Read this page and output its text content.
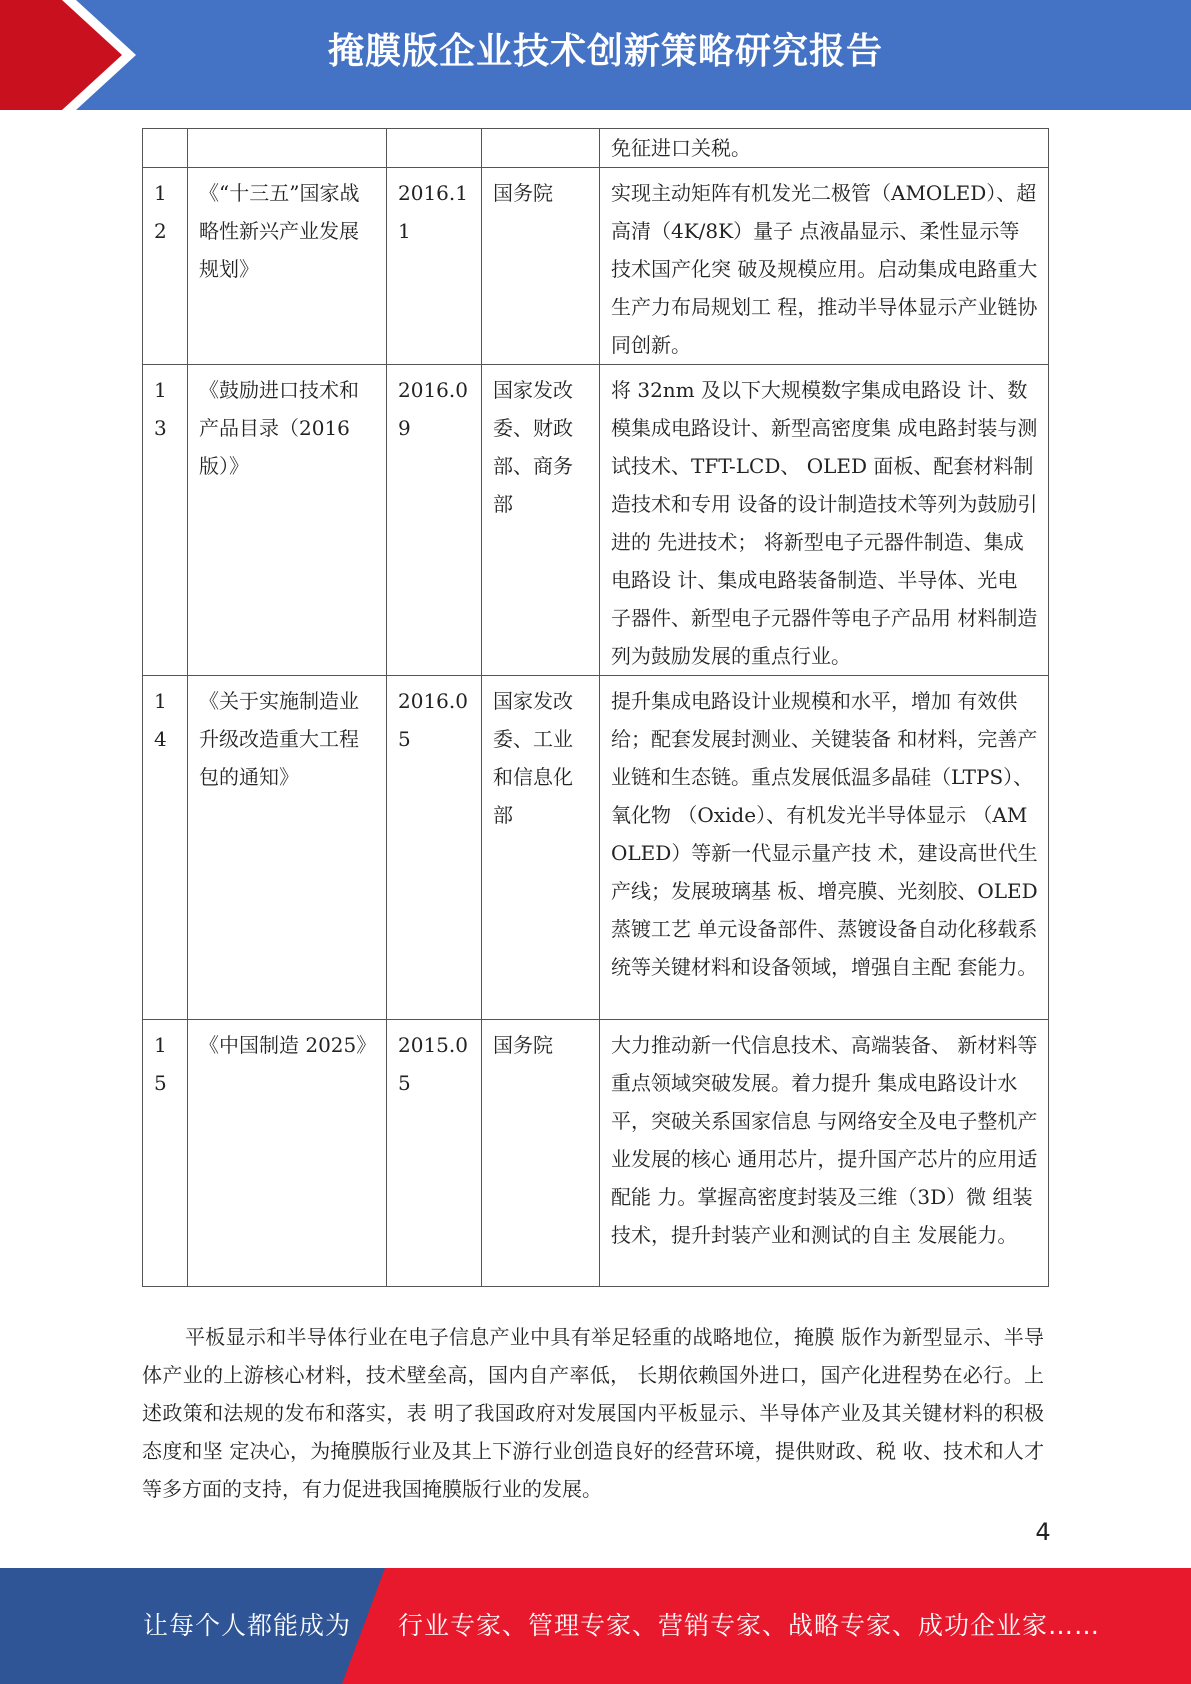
掩膜版企业技术创新策略研究报告
				免征进口关税。
12	《“十三五”国家战略性新兴产业发展规划》	2016.11	国务院	实现主动矩阵有机发光二极管（AMOLED）、超高清（4K/8K）量子 点液晶显示、柔性显示等技术国产化突 破及规模应用。启动集成电路重大生产力布局规划工 程，推动半导体显示产业链协同创新。
13	《鼓励进口技术和产品目录（2016版）》	2016.09	国家发改委、财政部、商务部	将 32nm 及以下大规模数字集成电路设 计、数模集成电路设计、新型高密度集 成电路封装与测试技术、TFT-LCD、 OLED 面板、配套材料制造技术和专用 设备的设计制造技术等列为鼓励引进的 先进技术； 将新型电子元器件制造、集成电路设 计、集成电路装备制造、半导体、光电 子器件、新型电子元器件等电子产品用 材料制造列为鼓励发展的重点行业。
14	《关于实施制造业升级改造重大工程包的通知》	2016.05	国家发改委、工业和信息化部	提升集成电路设计业规模和水平，增加 有效供给；配套发展封测业、关键装备 和材料，完善产业链和生态链。重点发展低温多晶硅（LTPS）、氧化物 （Oxide）、有机发光半导体显示 （AMOLED）等新一代显示量产技 术，建设高世代生产线；发展玻璃基 板、增亮膜、光刻胶、OLED 蒸镀工艺 单元设备部件、蒸镀设备自动化移载系 统等关键材料和设备领域，增强自主配 套能力。
15	《中国制造 2025》	2015.05	国务院	大力推动新一代信息技术、高端装备、 新材料等重点领域突破发展。着力提升 集成电路设计水平，突破关系国家信息 与网络安全及电子整机产业发展的核心 通用芯片，提升国产芯片的应用适配能 力。掌握高密度封装及三维（3D）微 组装技术，提升封装产业和测试的自主 发展能力。

平板显示和半导体行业在电子信息产业中具有举足轻重的战略地位，掩膜 版作为新型显示、半导体产业的上游核心材料，技术壁垒高，国内自产率低， 长期依赖国外进口，国产化进程势在必行。上述政策和法规的发布和落实，表 明了我国政府对发展国内平板显示、半导体产业及其关键材料的积极态度和坚 定决心，为掩膜版行业及其上下游行业创造良好的经营环境，提供财政、税 收、技术和人才等多方面的支持，有力促进我国掩膜版行业的发展。

4
让每个人都能成为 行业专家、管理专家、营销专家、战略专家、成功企业家……
